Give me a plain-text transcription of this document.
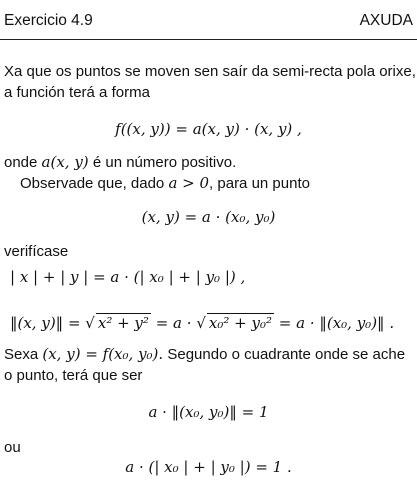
Exercicio 4.9	AXUDA
Xa que os puntos se moven sen saír da semi-recta pola orixe,
a función terá a forma
f((x, y)) = a(x, y) · (x, y) ,
onde a(x, y) é un número positivo.
Observade que, dado a > 0, para un punto
(x, y) = a · (x₀, y₀)
verifícase
| x | + | y | = a · (| x₀ | + | y₀ |) ,
‖(x, y)‖ = √ x² + y² = a · √ x₀² + y₀² = a · ‖(x₀, y₀)‖ .
Sexa (x, y) = f(x₀, y₀). Segundo o cuadrante onde se ache
o punto, terá que ser
a · ‖(x₀, y₀)‖ = 1
ou
a · (| x₀ | + | y₀ |) = 1 .
